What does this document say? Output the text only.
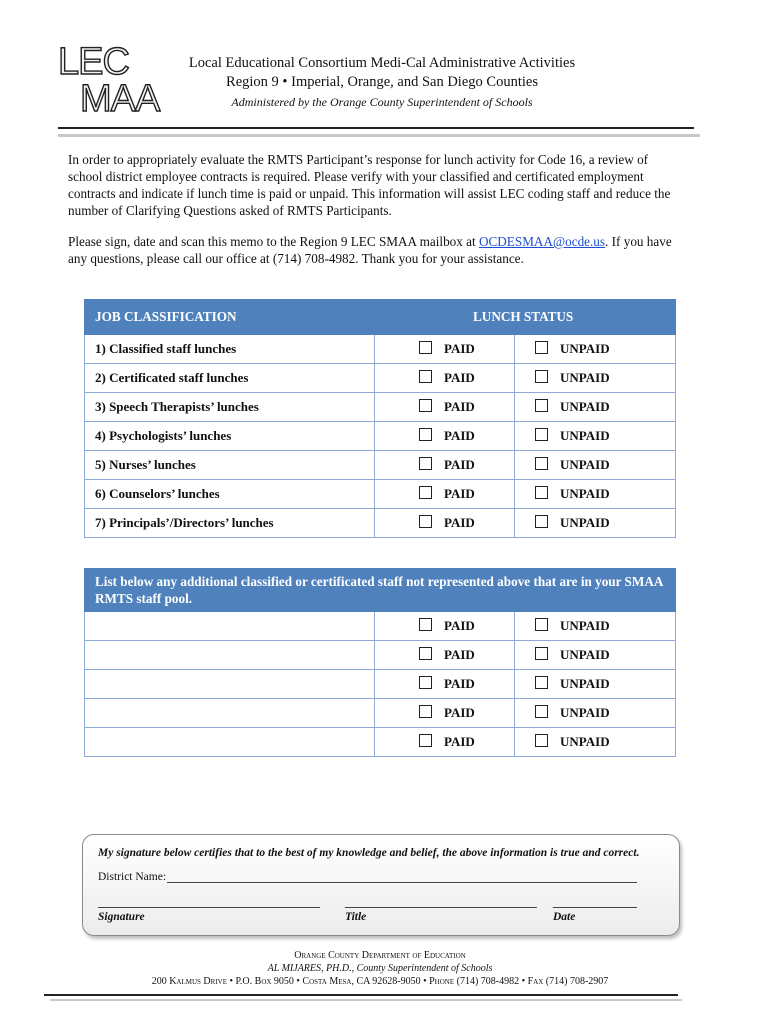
LEC
MAA
Local Educational Consortium Medi-Cal Administrative Activities
Region 9 • Imperial, Orange, and San Diego Counties
Administered by the Orange County Superintendent of Schools
In order to appropriately evaluate the RMTS Participant’s response for lunch activity for Code 16, a review of school district employee contracts is required. Please verify with your classified and certificated employment contracts and indicate if lunch time is paid or unpaid. This information will assist LEC coding staff and reduce the number of Clarifying Questions asked of RMTS Participants.
Please sign, date and scan this memo to the Region 9 LEC SMAA mailbox at OCDESMAA@ocde.us. If you have any questions, please call our office at (714) 708-4982. Thank you for your assistance.
JOB CLASSIFICATION	LUNCH STATUS	
1) Classified staff lunches	PAID	UNPAID
2) Certificated staff lunches	PAID	UNPAID
3) Speech Therapists’ lunches	PAID	UNPAID
4) Psychologists’ lunches	PAID	UNPAID
5) Nurses’ lunches	PAID	UNPAID
6) Counselors’ lunches	PAID	UNPAID
7) Principals’/Directors’ lunches	PAID	UNPAID
List below any additional classified or certificated staff not represented above that are in your SMAA RMTS staff pool.		
	PAID	UNPAID
	PAID	UNPAID
	PAID	UNPAID
	PAID	UNPAID
	PAID	UNPAID
My signature below certifies that to the best of my knowledge and belief, the above information is true and correct.
District Name:
Signature	Title	Date
Orange County Department of Education
AL MIJARES, PH.D., County Superintendent of Schools
200 Kalmus Drive • P.O. Box 9050 • Costa Mesa, CA 92628-9050 • Phone (714) 708-4982 • Fax (714) 708-2907
